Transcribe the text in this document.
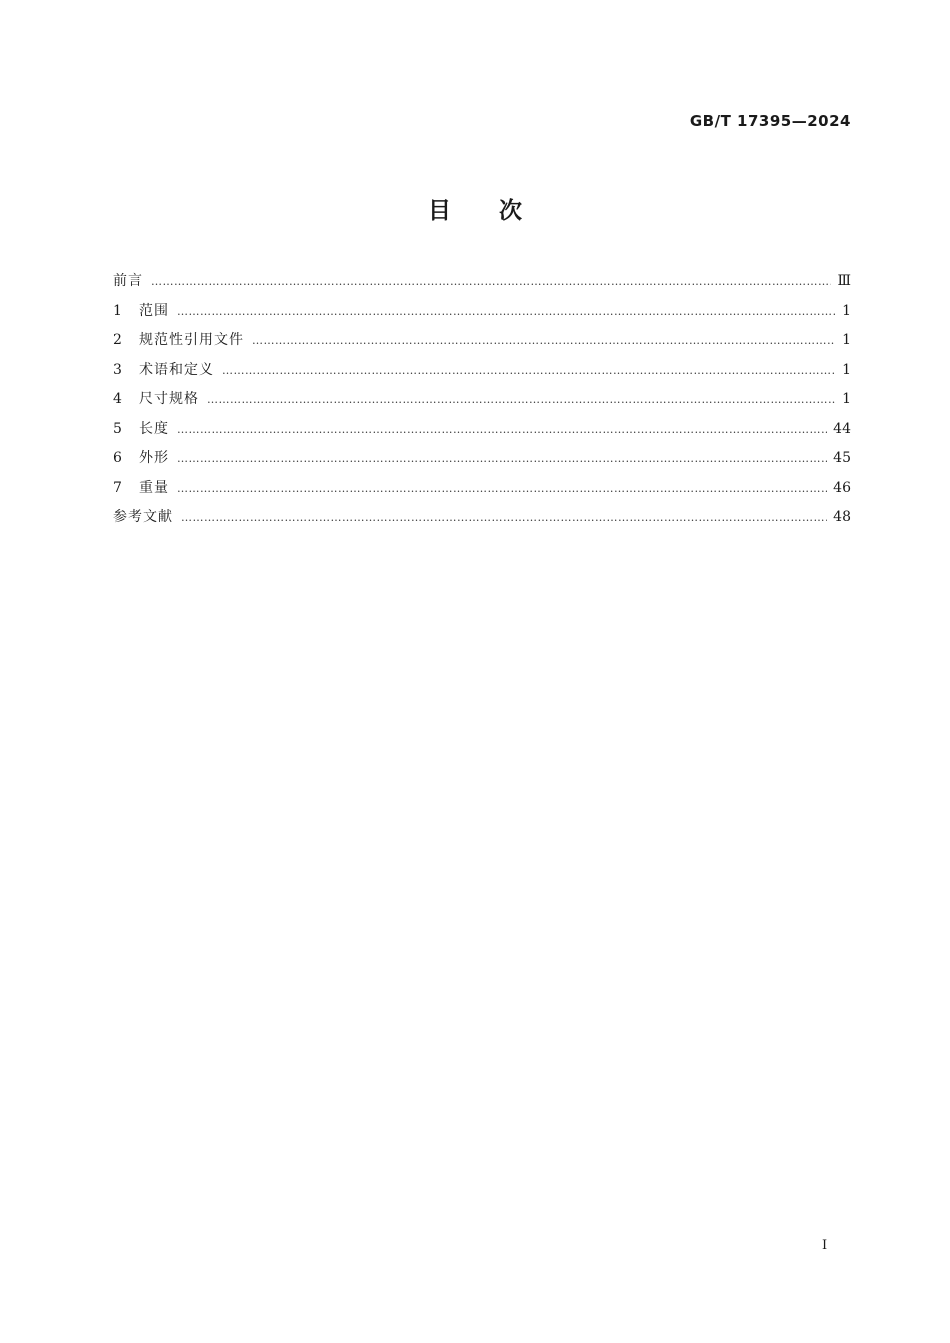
GB/T 17395—2024
目次
前言 ……………………………………………………………………………………………………………………………………………………………………………………	Ⅲ
1	范围 ……………………………………………………………………………………………………………………………………………………………………………………	1
2	规范性引用文件 ……………………………………………………………………………………………………………………………………………………………………………………	1
3	术语和定义 ……………………………………………………………………………………………………………………………………………………………………………………	1
4	尺寸规格 ……………………………………………………………………………………………………………………………………………………………………………………	1
5	长度 ……………………………………………………………………………………………………………………………………………………………………………………	44
6	外形 ……………………………………………………………………………………………………………………………………………………………………………………	45
7	重量 ……………………………………………………………………………………………………………………………………………………………………………………	46
参考文献 ……………………………………………………………………………………………………………………………………………………………………………………	48
Ⅰ
